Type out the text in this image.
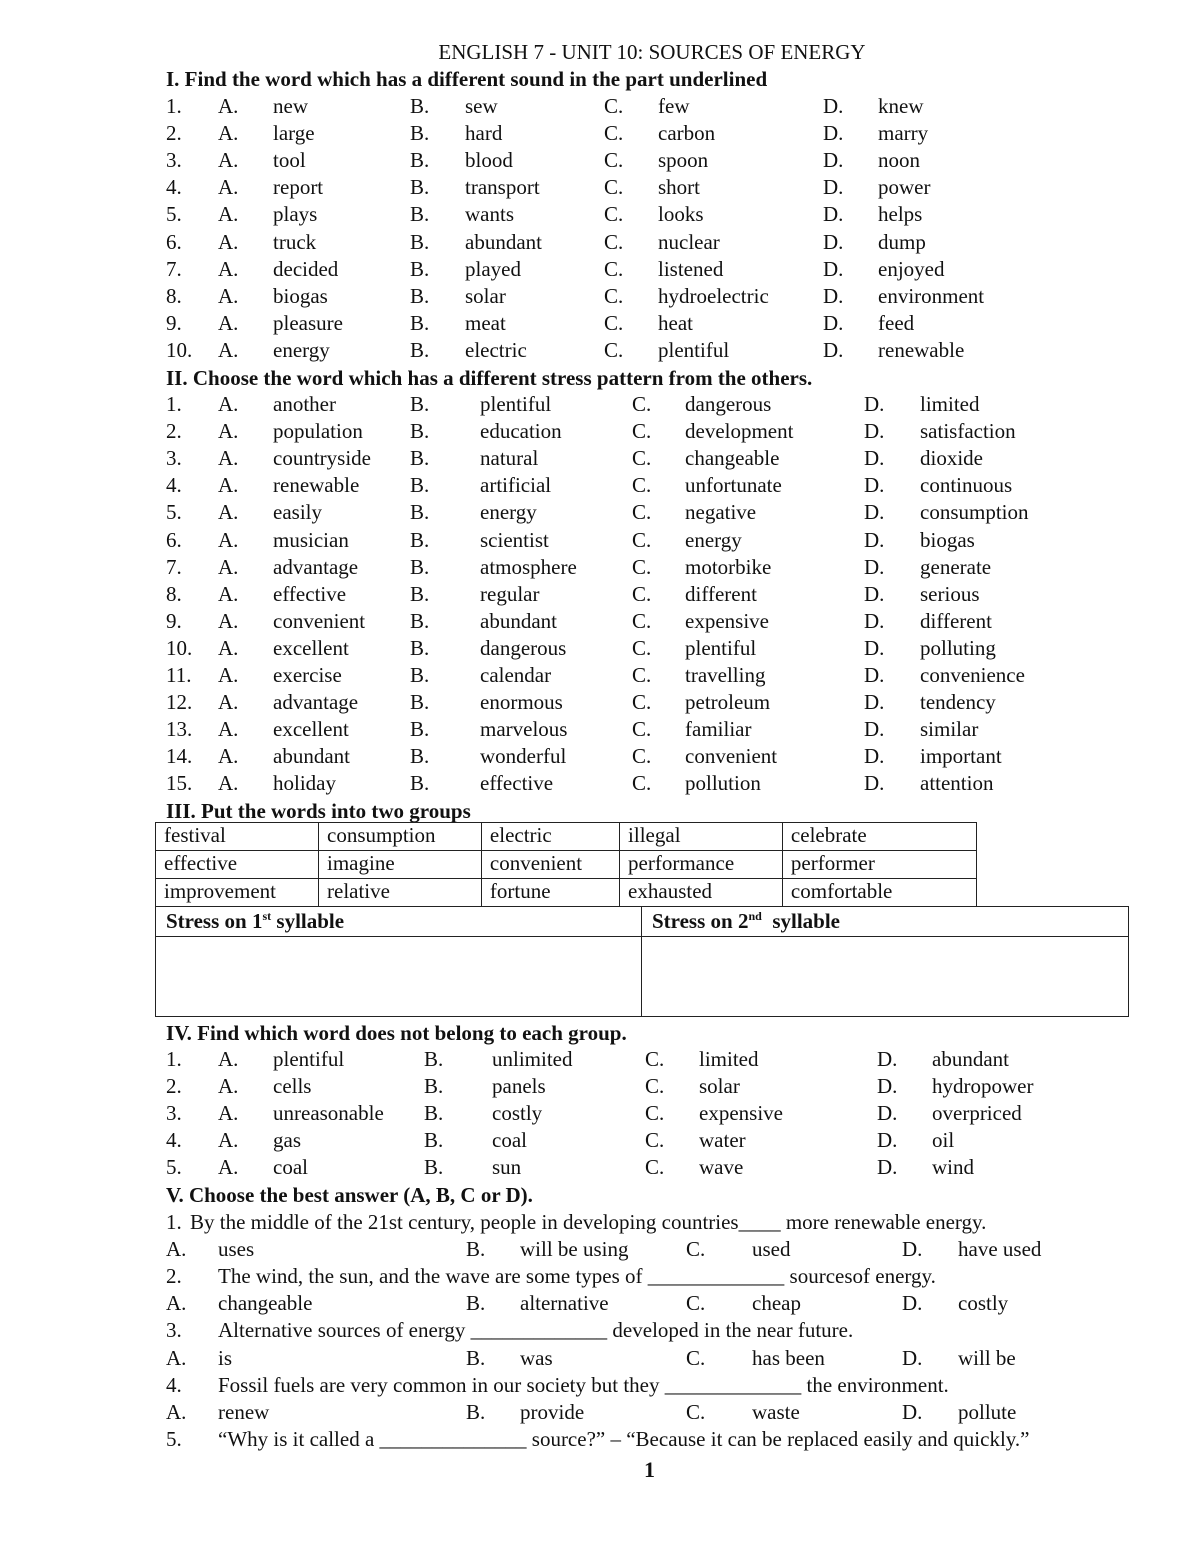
ENGLISH 7 - UNIT 10: SOURCES OF ENERGY
I. Find the word which has a different sound in the part underlined
1. A. new	B. sew	C. few	D. knew
2. A. large	B. hard	C. carbon	D. marry
3. A. tool	B. blood	C. spoon	D. noon
4. A. report	B. transport	C. short	D. power
5. A. plays	B. wants	C. looks	D. helps
6. A. truck	B. abundant	C. nuclear	D. dump
7. A. decided	B. played	C. listened	D. enjoyed
8. A. biogas	B. solar	C. hydroelectric	D. environment
9. A. pleasure	B. meat	C. heat	D. feed
10. A. energy	B. electric	C. plentiful	D. renewable
II. Choose the word which has a different stress pattern from the others.
1. A. another	B. plentiful	C. dangerous	D. limited
2. A. population B. education	C. development	D. satisfaction
3. A. countryside B. natural	C. changeable	D. dioxide
4. A. renewable B. artificial	C. unfortunate	D. continuous
5. A. easily	B. energy	C. negative	D. consumption
6. A. musician	B. scientist	C. energy	D. biogas
7. A. advantage B. atmosphere	C. motorbike	D. generate
8. A. effective	B. regular	C. different	D. serious
9. A. convenient B. abundant	C. expensive	D. different
10. A. excellent	B. dangerous	C. plentiful	D. polluting
11. A. exercise	B. calendar	C. travelling	D. convenience
12. A. advantage B. enormous	C. petroleum	D. tendency
13. A. excellent	B. marvelous	C. familiar	D. similar
14. A. abundant	B. wonderful	C. convenient	D. important
15. A. holiday	B. effective	C. pollution	D. attention
III. Put the words into two groups
festival	consumption	electric	illegal	celebrate
effective	imagine	convenient	performance	performer
improvement	relative	fortune	exhausted	comfortable
Stress on 1st syllable	Stress on 2nd  syllable
IV. Find which word does not belong to each group.
1. A. plentiful	B. unlimited	C. limited	D. abundant
2. A. cells	B. panels	C. solar	D. hydropower
3. A. unreasonable B. costly	C. expensive	D. overpriced
4. A. gas	B. coal	C. water	D. oil
5. A. coal	B. sun	C. wave	D. wind
V. Choose the best answer (A, B, C or D).
1. By the middle of the 21st century, people in developing countries____ more renewable energy.
A. uses	B. will be using	C. used	D. have used
2. The wind, the sun, and the wave are some types of _____________ sourcesof energy.
A. changeable	B. alternative	C. cheap	D. costly
3. Alternative sources of energy _____________ developed in the near future.
A. is	B. was	C. has been	D. will be
4. Fossil fuels are very common in our society but they _____________ the environment.
A. renew	B. provide	C. waste	D. pollute
5. “Why is it called a ______________ source?” – “Because it can be replaced easily and quickly.”
1
